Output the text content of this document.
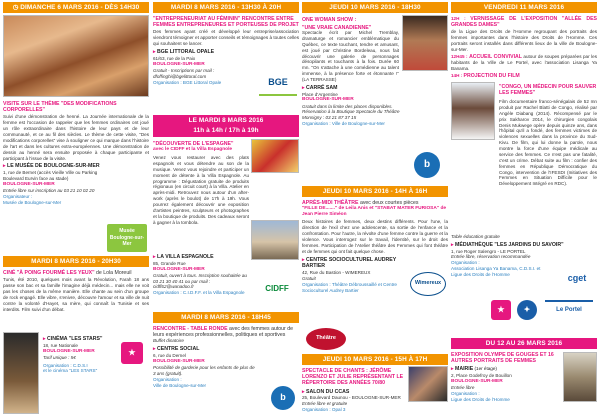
◷ DIMANCHE 6 MARS 2016 - DÈS 14H30
VISITE SUR LE THÈME "DES MODIFICATIONS CORPORELLES"
Suivi d'une démonstration de henné. La Journée internationale de la femme est l'occasion de rappeler que les femmes ordinaires ont joué un rôle extraordinaire dans l'histoire de leur pays et de leur communauté, et ce au fil des siècles. Le thème de cette visite, "Des modifications corporelles" vise à souligner ce qui marque dans l'histoire de l'art et dans les cultures extra-européennes. Une démonstration de dessin au henné sera ensuite proposée à chaque participante et participant à l'issue de la visite.
▸ LE MUSÉE DE BOULOGNE-SUR-MER
1, rue de Bernet (accès Vieille Ville ou Parking Boulevard Eurvin face au stade)
BOULOGNE-SUR-MER
Entrée libre sur inscription au 03 21 10 02 20
Organisateur :
Musée de Boulogne-sur-Mer
Musée Boulogne-sur-Mer
MARDI 8 MARS 2016 - 20H30
CINÉ "À POING FOURMÉ LES YEUX" de Lola Moreuil
Tunis, été 2010, quelques mois avant la Révolution, Farah 18 ans passe son bac et sa famille l'imagine déjà médecin... mais elle ne voit pas les choses de la même manière. Elle chante au sein d'un groupe de rock engagé. Elle vibre, s'enivre, découvre l'amour et sa ville de nuit contre la volonté d'Hayet, sa mère, qui connaît la Tunisie et ses interdits. Film suivi d'un débat.
▸ CINÉMA "LES STARS"
18, rue Nationale
BOULOGNE-SUR-MER
Tarif unique : 5€
Organisation : C.D.S.I
et le cinéma "LES STARS"
★
MARDI 8 MARS 2016 - 13H30 À 20H
"ENTREPRENEURIAT AU FÉMININ" RENCONTRE ENTRE FEMMES ENTREPRENEURES ET PORTEUSES DE PROJET
Des femmes ayant créé et développé leur entreprise/association viendront témoigner et apporter conseils et témoignages à toutes celles qui souhaitent se lancer.
▸ BGE LITTORAL OPALE
61/63, rue de la Paix
BOULOGNE-SUR-MER
Gratuit - Inscriptions par mail : dfoffinghi@bgelittoral.com
Organisation : BGE Littoral Opale	BGE
LE MARDI 8 MARS 2016
11h à 14h / 17h à 19h
"DÉCOUVERTE DE L'ESPAGNE"
avec le CIDFF et la Villa Espagnole
Venez vous restaurer avec des plats espagnols et vous détendre au son de la musique. Venez vous rejoindre et participer un moment de détente à la Villa Espagnole. Au programme : Dégustation gratuite de produits régionaux (en circuit court) à la Villa. Atelier en après-midi. Retrouvez nous autour d'un after-work (après le boulot) de 17h à 19h. Vous pourrez également découvrir une exposition d'artistes peintres, sculpteurs et photographes et la boutique de produits. Des cadeaux seront à gagner à la tombola.
▸ LA VILLA ESPAGNOLE
85, Grande Rue
BOULOGNE-SUR-MER
Gratuit, ouvert à tous. Inscription souhaitée au 03 21 30 40 41 ou par mail : cidff62@wanadoo.fr
Organisation : C.I.D.F.F. et la Villa Espagnole	CIDFF
MARDI 8 MARS 2016 - 18H45
RENCONTRE - TABLE RONDE avec des femmes autour de leurs expériences professionnelles, politiques et sportives
Buffet dinatoire
▸ CENTRE SOCIAL
6, rue du Dernel
BOULOGNE-SUR-MER
Possibilité de garderie pour les enfants de plus de 3 ans (gratuit).
Organisation :
Ville de Boulogne-sur-Mer
b
JEUDI 10 MARS 2016 - 18H30
ONE WOMAN SHOW :
"UNE VRAIE CANADIENNE"
Spectacle écrit par Michel Tremblay, dramaturge et romancier emblématique du Québec, ce texte touchant, tendre et amusant, est joué par Christine Bordeleau, nous fait découvrir une galerie de personnages désopilants et touchants à la fois. Durée 60 mn. "On s'attache à une comédienne au talent immense, à la présence forte et étonnante !" (LA TERRASSE)
▸ CARRÉ SAM
Place d'Argentine
BOULOGNE-SUR-MER
Gratuit dans la limite des places disponibles. Réservation à la Boutique Spectacle du Théâtre Monsigny : 03 21 87 37 15
Organisation : Ville de Boulogne-sur-Mer
b
JEUDI 10 MARS 2016 - 14H À 16H
APRÈS-MIDI THÉÂTRE avec deux courtes pièces
"FILLE DE......." de Leila Anis et "STABAT MATER FURIOSA" de Jean Pierre Siméon
Deux histoires de femmes, deux destins différents. Pour l'une, la direction de l'exil chez une adolescente, sa sortie de l'enfance et la confrontation. Pour l'autre, la révolte d'une femme contre la guerre et la violence. Vous interrogez sur le travail, l'identité, sur le droit des femmes. Participation de l'Atelier théâtre des Femmes qui font théâtre et de femmes qui ont fait quelque chose.
▸ CENTRE SOCIOCULTUREL AUDREY BARTIER
42, Rue du Bastion - WIMEREUX
Gratuit
Organisation : Théâtre Débroussaillé et Centre Socioculturel Audrey Bartier
Wimereux
Théâtre
JEUDI 10 MARS 2016 - 15H À 17H
SPECTACLE DE CHANTS : JÉRÔME LORENZO ET JULIE REPRÉSENTANT LE RÉPERTOIRE DES ANNÉES 70/80
▸ SALON DU CCAS
25, Boulevard Daunou - BOULOGNE-SUR-MER
Entrée libre et gratuite
Organisation : Opal 3
VENDREDI 11 MARS 2016
12H : VERNISSAGE DE L'EXPOSITION "ALLÉE DES GRANDES DAMES"
de la Ligue des Droits de l'Homme regroupant des portraits des femmes importantes dans l'histoire des Droits de l'Homme. Ces portraits seront installés dans différents lieux de la ville de Boulogne-sur-Mer.
12H45 : ACCUEIL CONVIVIAL autour de soupes préparées par les habitants de la Ville de Le Portel, avec l'association Lisanga Ya Banama.
14H : PROJECTION DU FILM
"CONGO, UN MÉDECIN POUR SAUVER LES FEMMES"
Film documentaire franco-sénégalais de 52 mn produit par Rachel Blatti de Congo, réalisé par Angèle Diabang (2014). Récompensé par le prix Sakharov 2014, le chirurgien congolais Denis Mukwege opère depuis quinze ans, dans l'hôpital qu'il a fondé, des femmes victimes de violences sexuelles dans la province du Sud-Kivu. De film, qui lui donne la parole, nous montre la force d'une équipe médicale au service des femmes. Ce n'est pas une fatalité, c'est un crime. Débat suite au film : confier des femmes en République Démocratique du Congo, intervention de l'IFESDI (Initiatives des Femmes en Situation Difficile pour le Développement Intégré en RDC).
Table éducation gratuite
▸ MÉDIATHÈQUE "LES JARDINS DU SAVOIR"
1, rue Roger Salengro - LE PORTEL
Entrée libre, réservation recommandée
Organisation :
Association Lisanga Ya Banama, C.D.S.I. et Ligue des Droits de l'Homme	cget
★	✦	Le Portel
DU 12 AU 26 MARS 2016
EXPOSITION OLYMPE DE GOUGES ET 16 AUTRES PORTRAITS DE FEMMES
▸ MAIRIE (1er étage)
2, Place Godefroy de Bouillon
BOULOGNE-SUR-MER
Entrée libre
Organisation :
Ligue des Droits de l'Homme
